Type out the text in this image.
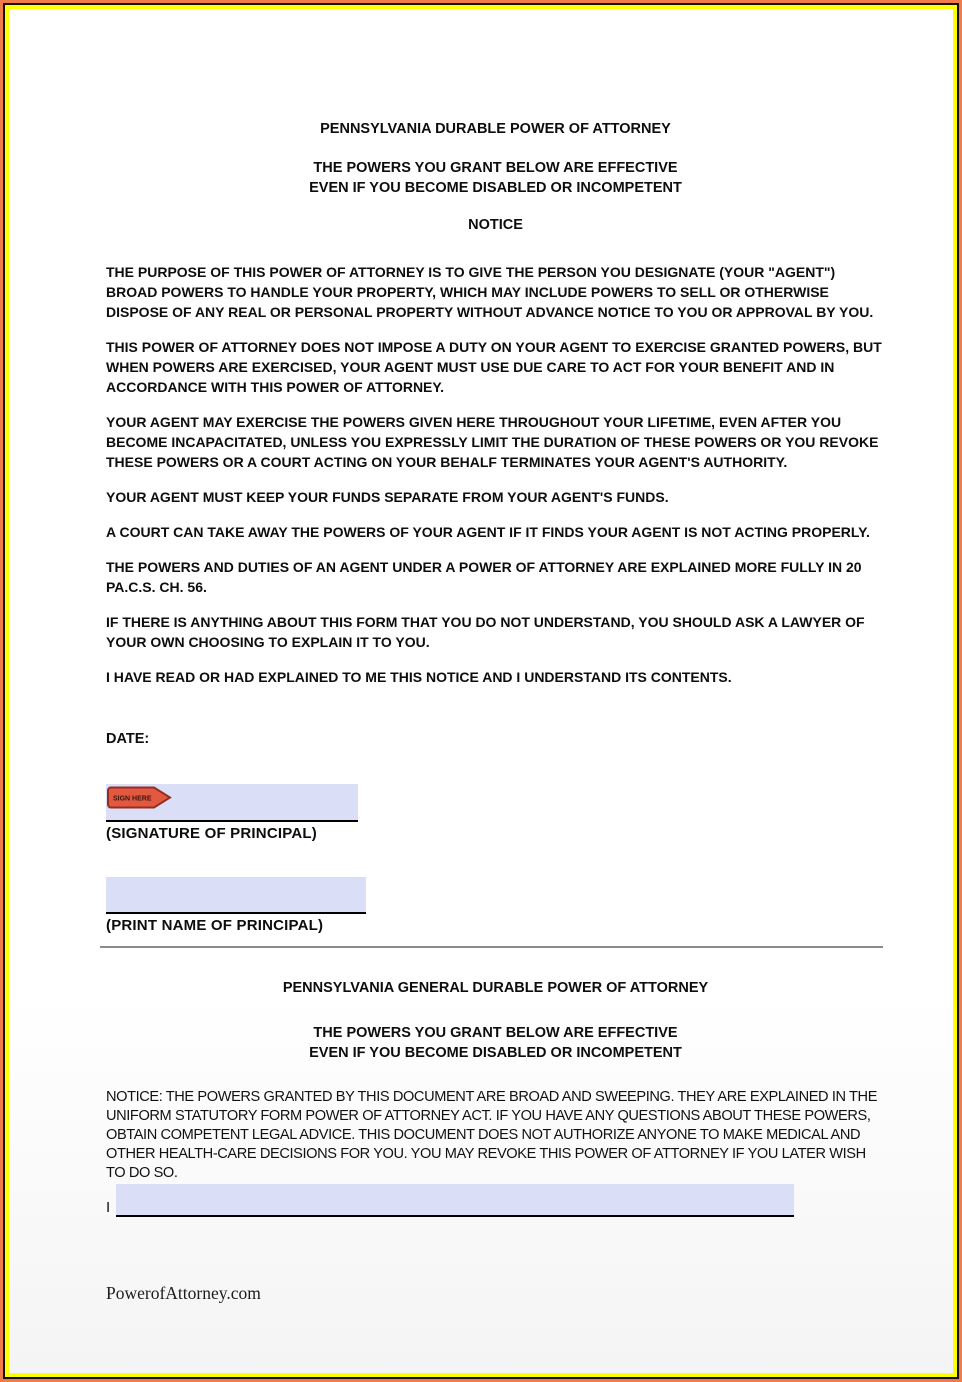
PENNSYLVANIA DURABLE POWER OF ATTORNEY
THE POWERS YOU GRANT BELOW ARE EFFECTIVE
EVEN IF YOU BECOME DISABLED OR INCOMPETENT
NOTICE

THE PURPOSE OF THIS POWER OF ATTORNEY IS TO GIVE THE PERSON YOU DESIGNATE (YOUR "AGENT") BROAD POWERS TO HANDLE YOUR PROPERTY, WHICH MAY INCLUDE POWERS TO SELL OR OTHERWISE DISPOSE OF ANY REAL OR PERSONAL PROPERTY WITHOUT ADVANCE NOTICE TO YOU OR APPROVAL BY YOU.

THIS POWER OF ATTORNEY DOES NOT IMPOSE A DUTY ON YOUR AGENT TO EXERCISE GRANTED POWERS, BUT WHEN POWERS ARE EXERCISED, YOUR AGENT MUST USE DUE CARE TO ACT FOR YOUR BENEFIT AND IN ACCORDANCE WITH THIS POWER OF ATTORNEY.

YOUR AGENT MAY EXERCISE THE POWERS GIVEN HERE THROUGHOUT YOUR LIFETIME, EVEN AFTER YOU BECOME INCAPACITATED, UNLESS YOU EXPRESSLY LIMIT THE DURATION OF THESE POWERS OR YOU REVOKE THESE POWERS OR A COURT ACTING ON YOUR BEHALF TERMINATES YOUR AGENT'S AUTHORITY.

YOUR AGENT MUST KEEP YOUR FUNDS SEPARATE FROM YOUR AGENT'S FUNDS.

A COURT CAN TAKE AWAY THE POWERS OF YOUR AGENT IF IT FINDS YOUR AGENT IS NOT ACTING PROPERLY.

THE POWERS AND DUTIES OF AN AGENT UNDER A POWER OF ATTORNEY ARE EXPLAINED MORE FULLY IN 20 PA.C.S. CH. 56.

IF THERE IS ANYTHING ABOUT THIS FORM THAT YOU DO NOT UNDERSTAND, YOU SHOULD ASK A LAWYER OF YOUR OWN CHOOSING TO EXPLAIN IT TO YOU.

I HAVE READ OR HAD EXPLAINED TO ME THIS NOTICE AND I UNDERSTAND ITS CONTENTS.

DATE:
SIGN HERE
(SIGNATURE OF PRINCIPAL)
(PRINT NAME OF PRINCIPAL)
PENNSYLVANIA GENERAL DURABLE POWER OF ATTORNEY
THE POWERS YOU GRANT BELOW ARE EFFECTIVE
EVEN IF YOU BECOME DISABLED OR INCOMPETENT

NOTICE: THE POWERS GRANTED BY THIS DOCUMENT ARE BROAD AND SWEEPING. THEY ARE EXPLAINED IN THE UNIFORM STATUTORY FORM POWER OF ATTORNEY ACT. IF YOU HAVE ANY QUESTIONS ABOUT THESE POWERS, OBTAIN COMPETENT LEGAL ADVICE. THIS DOCUMENT DOES NOT AUTHORIZE ANYONE TO MAKE MEDICAL AND OTHER HEALTH-CARE DECISIONS FOR YOU. YOU MAY REVOKE THIS POWER OF ATTORNEY IF YOU LATER WISH TO DO SO.

I
PowerofAttorney.com
